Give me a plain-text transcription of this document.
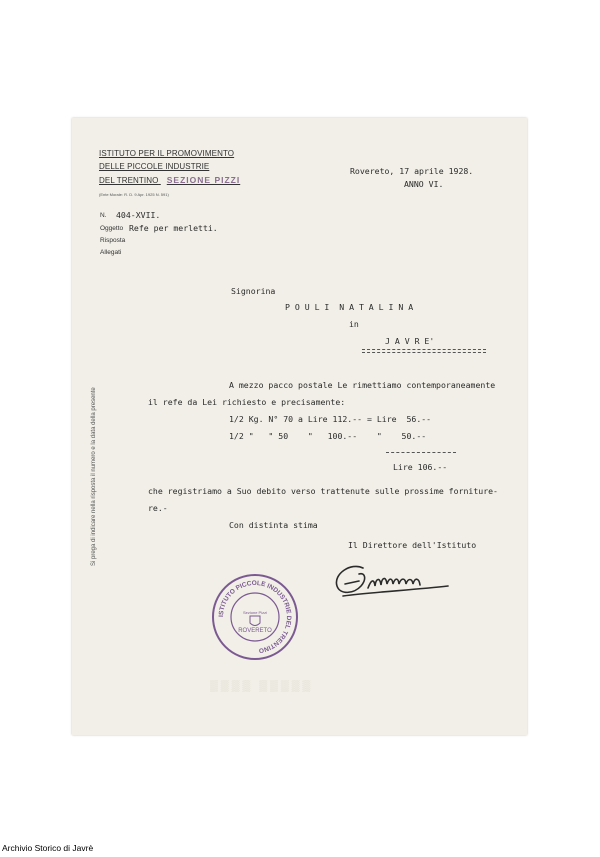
ISTITUTO PER IL PROMOVIMENTO
DELLE PICCOLE INDUSTRIE
DEL TRENTINO SEZIONE PIZZI
(Ente Morale: R. D. 9 Apr. 1925 N. 591)
Rovereto, 17 aprile 1928.
ANNO VI.
N. 404-XVII.
Oggetto Refe per merletti.
Risposta
Allegati
Signorina
P O U L I  N A T A L I N A
in
J A V R E'
A mezzo pacco postale Le rimettiamo contemporaneamente
il refe da Lei richiesto e precisamente:
1/2 Kg. N° 70 a Lire 112.-- = Lire  56.--
1/2 "   " 50    "   100.--    "    50.--
Lire 106.--
che registriamo a Suo debito verso trattenute sulle prossime forniture-
re.-
Con distinta stima
Il Direttore dell'Istituto
▒▒▒▒ ▒▒▒▒▒
ISTITUTO PICCOLE INDUSTRIE DEL TRENTINO
Sezione Pizzi
ROVERETO
Si prega di indicare nella risposta il numero e la data della presente
Archivio Storico di Javrè
